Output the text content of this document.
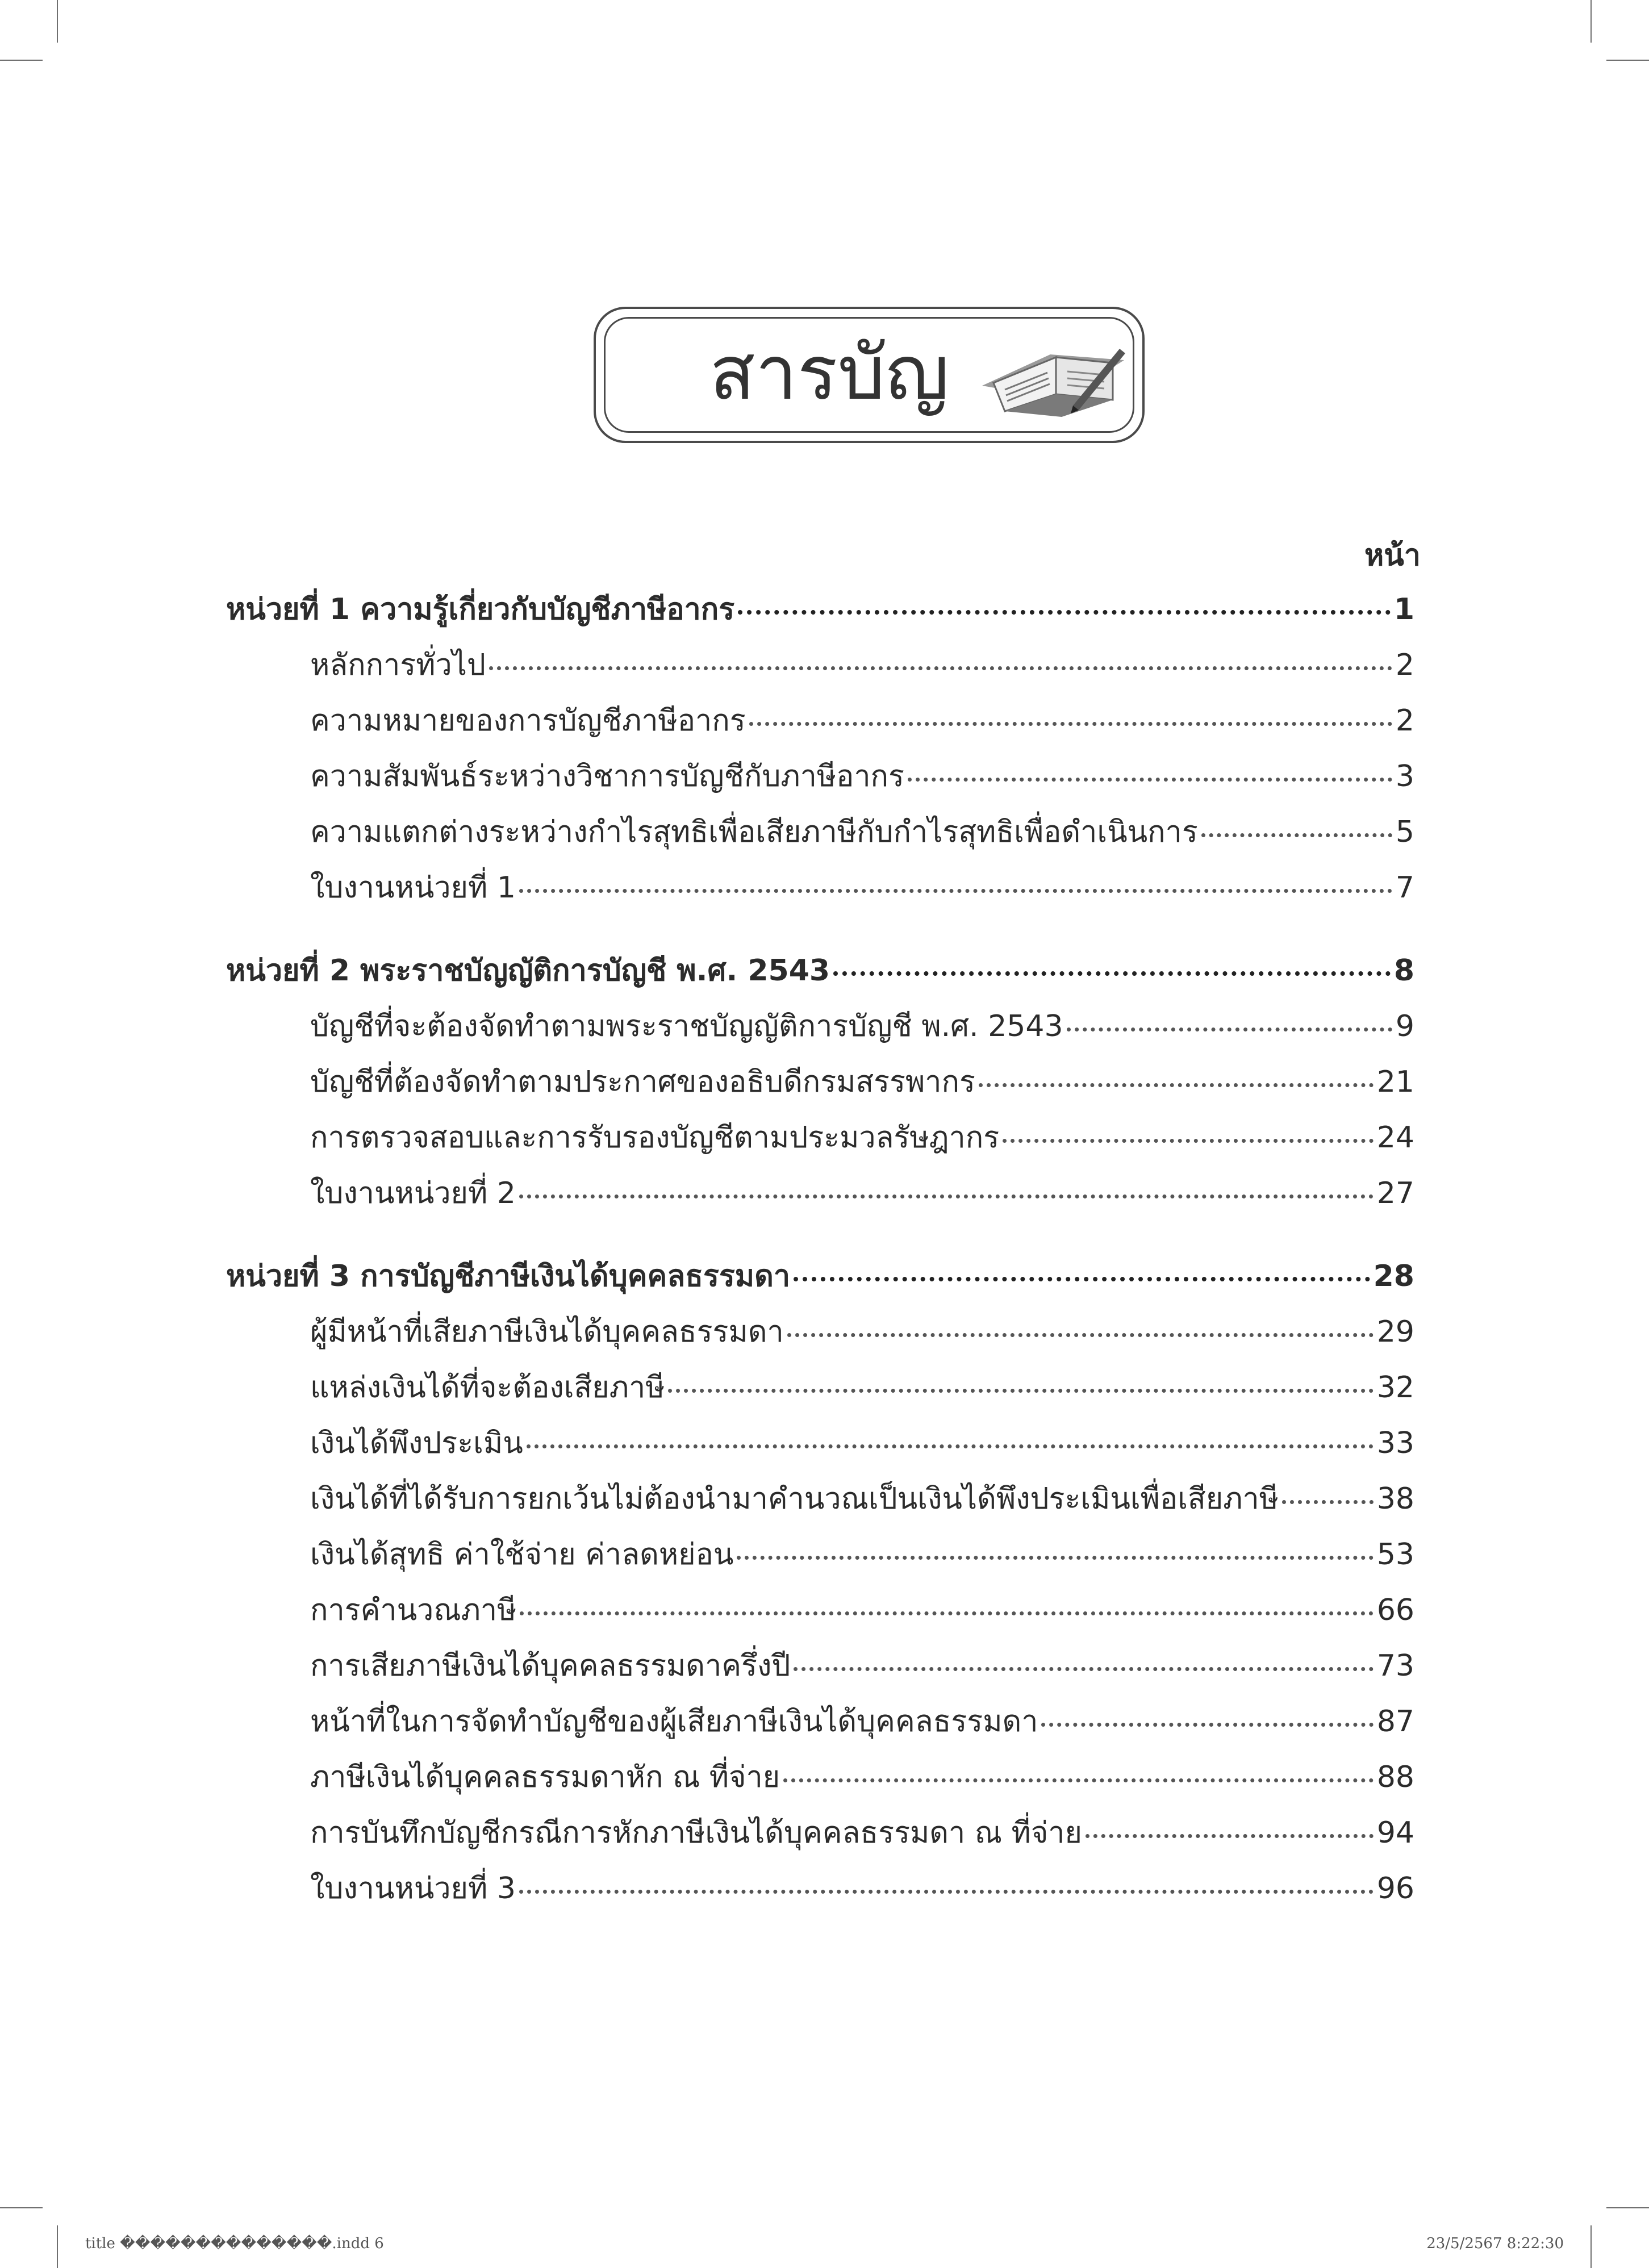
สารบัญ
หน้า
หน่วยที่ 1 ความรู้เกี่ยวกับบัญชีภาษีอากร	1
หลักการทั่วไป	2
ความหมายของการบัญชีภาษีอากร	2
ความสัมพันธ์ระหว่างวิชาการบัญชีกับภาษีอากร	3
ความแตกต่างระหว่างกำไรสุทธิเพื่อเสียภาษีกับกำไรสุทธิเพื่อดำเนินการ	5
ใบงานหน่วยที่ 1	7
หน่วยที่ 2 พระราชบัญญัติการบัญชี พ.ศ. 2543	8
บัญชีที่จะต้องจัดทำตามพระราชบัญญัติการบัญชี พ.ศ. 2543	9
บัญชีที่ต้องจัดทำตามประกาศของอธิบดีกรมสรรพากร	21
การตรวจสอบและการรับรองบัญชีตามประมวลรัษฎากร	24
ใบงานหน่วยที่ 2	27
หน่วยที่ 3 การบัญชีภาษีเงินได้บุคคลธรรมดา	28
ผู้มีหน้าที่เสียภาษีเงินได้บุคคลธรรมดา	29
แหล่งเงินได้ที่จะต้องเสียภาษี	32
เงินได้พึงประเมิน	33
เงินได้ที่ได้รับการยกเว้นไม่ต้องนำมาคำนวณเป็นเงินได้พึงประเมินเพื่อเสียภาษี	38
เงินได้สุทธิ ค่าใช้จ่าย ค่าลดหย่อน	53
การคำนวณภาษี	66
การเสียภาษีเงินได้บุคคลธรรมดาครึ่งปี	73
หน้าที่ในการจัดทำบัญชีของผู้เสียภาษีเงินได้บุคคลธรรมดา	87
ภาษีเงินได้บุคคลธรรมดาหัก ณ ที่จ่าย	88
การบันทึกบัญชีกรณีการหักภาษีเงินได้บุคคลธรรมดา ณ ที่จ่าย	94
ใบงานหน่วยที่ 3	96
title ��������������.indd 6	23/5/2567 8:22:30
